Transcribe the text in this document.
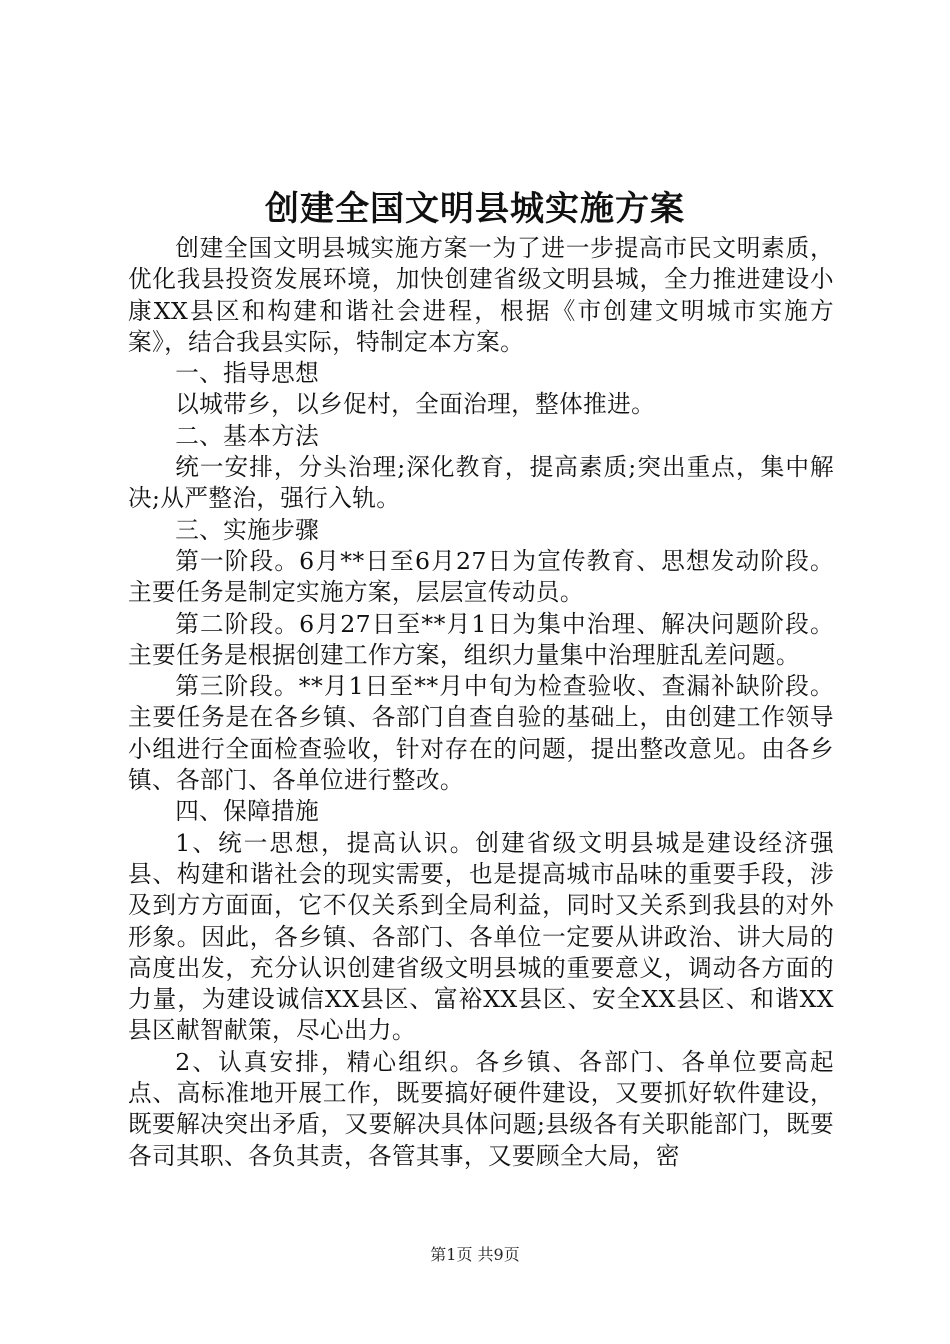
创建全国文明县城实施方案

创建全国文明县城实施方案一为了进一步提高市民文明素质，优化我县投资发展环境，加快创建省级文明县城，全力推进建设小康XX县区和构建和谐社会进程，根据《市创建文明城市实施方案》，结合我县实际，特制定本方案。

一、指导思想

以城带乡，以乡促村，全面治理，整体推进。

二、基本方法

统一安排，分头治理;深化教育，提高素质;突出重点，集中解决;从严整治，强行入轨。

三、实施步骤

第一阶段。6月**日至6月27日为宣传教育、思想发动阶段。主要任务是制定实施方案，层层宣传动员。

第二阶段。6月27日至**月1日为集中治理、解决问题阶段。主要任务是根据创建工作方案，组织力量集中治理脏乱差问题。

第三阶段。**月1日至**月中旬为检查验收、查漏补缺阶段。主要任务是在各乡镇、各部门自查自验的基础上，由创建工作领导小组进行全面检查验收，针对存在的问题，提出整改意见。由各乡镇、各部门、各单位进行整改。

四、保障措施

1、统一思想，提高认识。创建省级文明县城是建设经济强县、构建和谐社会的现实需要，也是提高城市品味的重要手段，涉及到方方面面，它不仅关系到全局利益，同时又关系到我县的对外形象。因此，各乡镇、各部门、各单位一定要从讲政治、讲大局的高度出发，充分认识创建省级文明县城的重要意义，调动各方面的力量，为建设诚信XX县区、富裕XX县区、安全XX县区、和谐XX县区献智献策，尽心出力。

2、认真安排，精心组织。各乡镇、各部门、各单位要高起点、高标准地开展工作，既要搞好硬件建设，又要抓好软件建设，既要解决突出矛盾，又要解决具体问题;县级各有关职能部门，既要各司其职、各负其责，各管其事，又要顾全大局，密

第1页 共9页
